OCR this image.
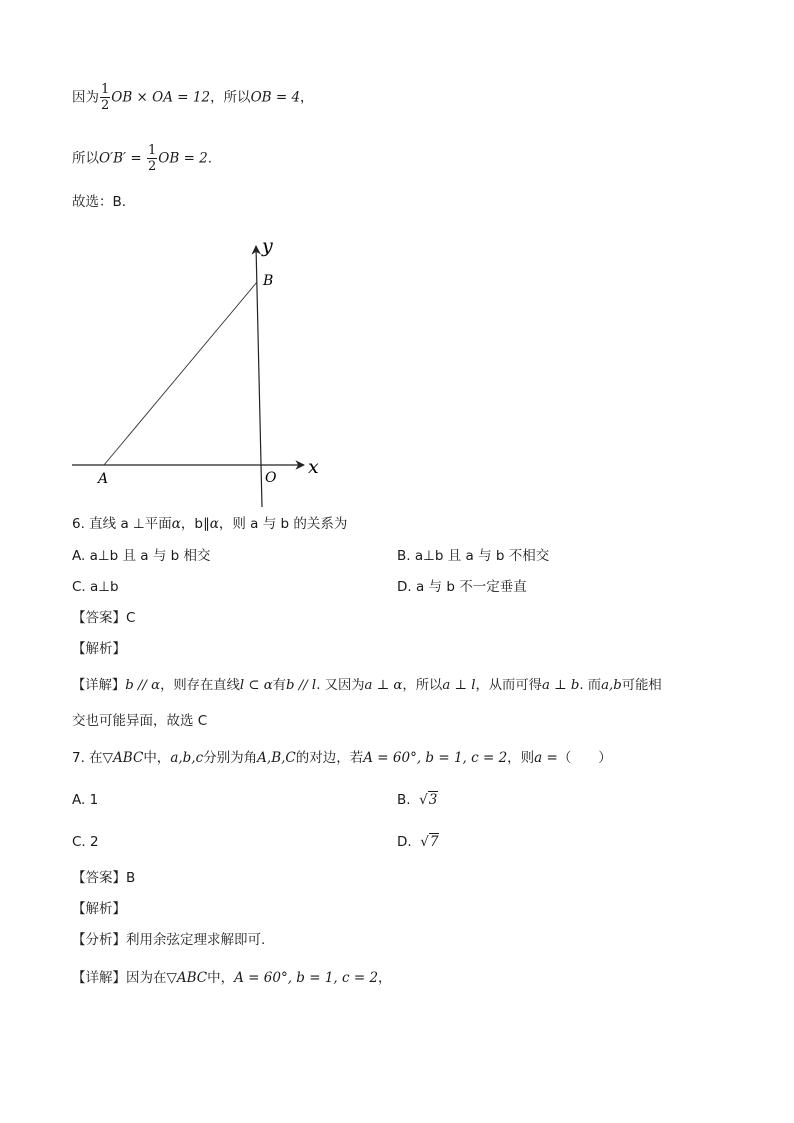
因为 $\frac{1}{2}$ OB × OA = 12，所以OB = 4，
所以$O'B' = \frac{1}{2}$ OB = 2.
故选：B.
y
x
B
A	O
6. 直线 a ⊥平面α，b∥α，则 a 与 b 的关系为
A. a⊥b 且 a 与 b 相交	B. a⊥b 且 a 与 b 不相交
C. a⊥b	D. a 与 b 不一定垂直
【答案】C
【解析】
【详解】b // α，则存在直线l ⊂ α有b // l. 又因为a ⊥ α，所以a ⊥ l，从而可得a ⊥ b. 而a,b可能相
交也可能异面，故选 C
7. 在▽ABC中，a,b,c分别为角A,B,C的对边，若A = 60°, b = 1, c = 2，则a =（　　）
A. 1	B. √3
C. 2	D. √7
【答案】B
【解析】
【分析】利用余弦定理求解即可.
【详解】因为在▽ABC中，A = 60°, b = 1, c = 2，
